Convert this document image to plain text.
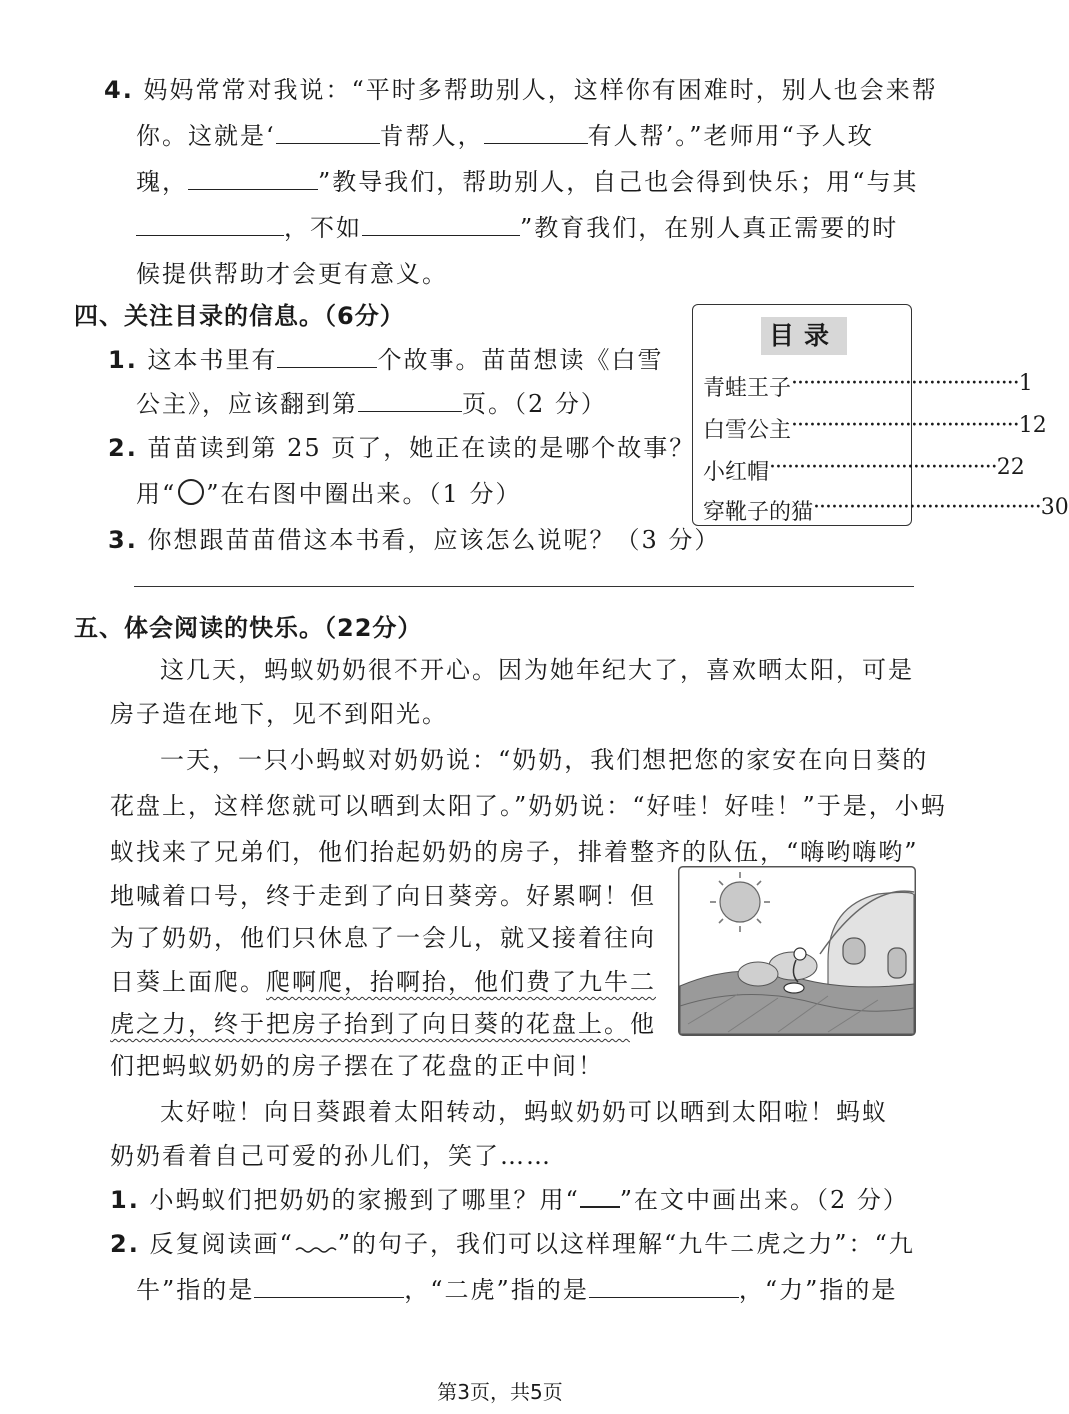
4. 妈妈常常对我说：“平时多帮助别人，这样你有困难时，别人也会来帮
你。这就是‘	肯帮人，	有人帮’。”老师用“予人玫
瑰，	”教导我们，帮助别人，自己也会得到快乐；用“与其
，不如	”教育我们，在别人真正需要的时
候提供帮助才会更有意义。
四、关注目录的信息。（6分）
1. 这本书里有	个故事。苗苗想读《白雪
公主》，应该翻到第	页。（2 分）
2. 苗苗读到第 25 页了，她正在读的是哪个故事？
用“ ○ ”在右图中圈出来。（1 分）
3. 你想跟苗苗借这本书看，应该怎么说呢？（3 分）
目录
青蛙王子 ······································ 1
白雪公主 ······································ 12
小红帽 ······································ 22
穿靴子的猫 ······································ 30
五、体会阅读的快乐。（22分）
这几天，蚂蚁奶奶很不开心。因为她年纪大了，喜欢晒太阳，可是
房子造在地下，见不到阳光。
一天，一只小蚂蚁对奶奶说：“奶奶，我们想把您的家安在向日葵的
花盘上，这样您就可以晒到太阳了。”奶奶说：“好哇！好哇！”于是，小蚂
蚁找来了兄弟们，他们抬起奶奶的房子，排着整齐的队伍，“嗨哟嗨哟”
地喊着口号，终于走到了向日葵旁。好累啊！但
为了奶奶，他们只休息了一会儿，就又接着往向
日葵上面爬。爬啊爬，抬啊抬，他们费了九牛二
虎之力，终于把房子抬到了向日葵的花盘上。他
们把蚂蚁奶奶的房子摆在了花盘的正中间！
太好啦！向日葵跟着太阳转动，蚂蚁奶奶可以晒到太阳啦！蚂蚁
奶奶看着自己可爱的孙儿们，笑了……
1. 小蚂蚁们把奶奶的家搬到了哪里？用“ ”在文中画出来。（2 分）
2. 反复阅读画“ ”的句子，我们可以这样理解“九牛二虎之力”：“九
牛”指的是	，“二虎”指的是	，“力”指的是
第3页，共5页
